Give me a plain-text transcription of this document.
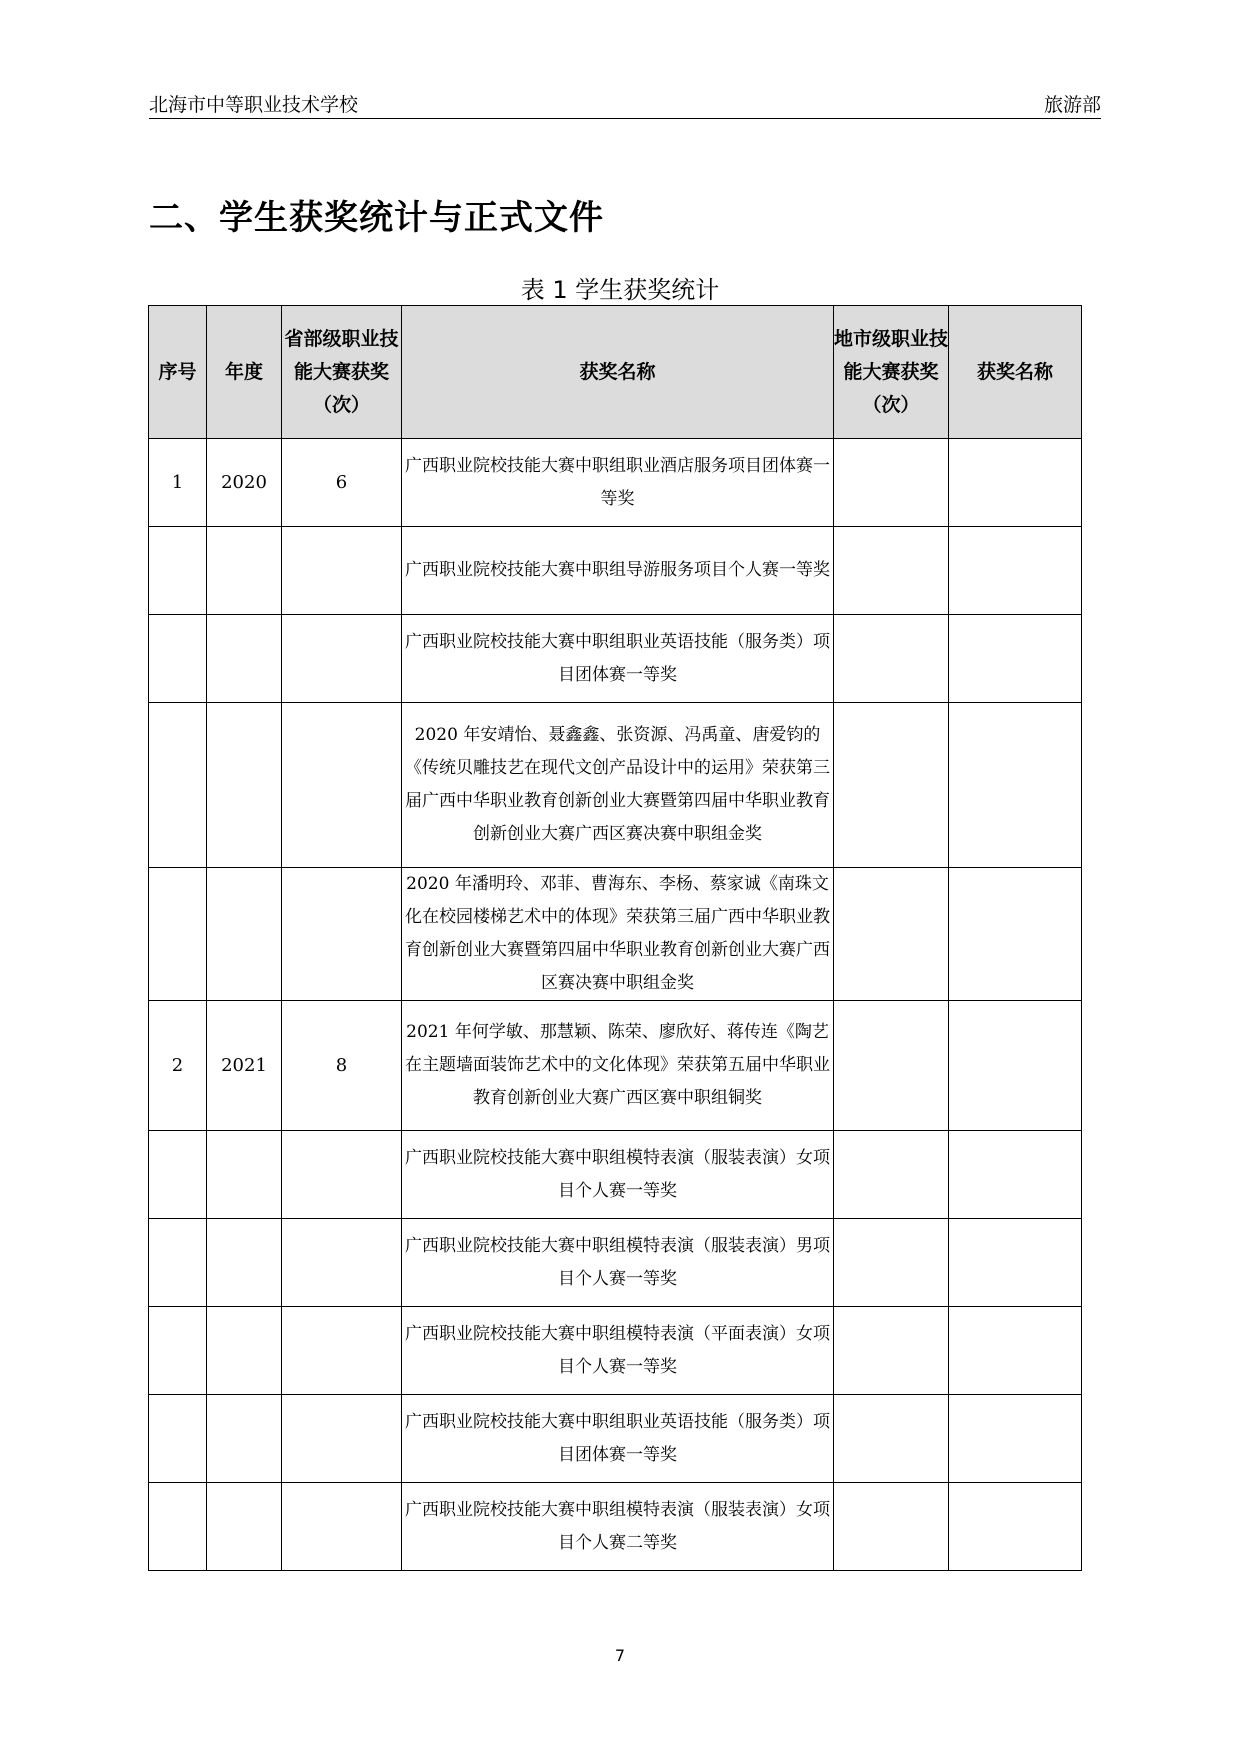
北海市中等职业技术学校	旅游部
二、学生获奖统计与正式文件
表 1 学生获奖统计
序号	年度	省部级职业技能大赛获奖（次）	获奖名称	地市级职业技能大赛获奖（次）	获奖名称
1	2020	6	广西职业院校技能大赛中职组职业酒店服务项目团体赛一等奖		
			广西职业院校技能大赛中职组导游服务项目个人赛一等奖		
			广西职业院校技能大赛中职组职业英语技能（服务类）项目团体赛一等奖		
			2020 年安靖怡、聂鑫鑫、张资源、冯禹童、唐爱钧的《传统贝雕技艺在现代文创产品设计中的运用》荣获第三届广西中华职业教育创新创业大赛暨第四届中华职业教育创新创业大赛广西区赛决赛中职组金奖		
			2020 年潘明玲、邓菲、曹海东、李杨、蔡家诚《南珠文化在校园楼梯艺术中的体现》荣获第三届广西中华职业教育创新创业大赛暨第四届中华职业教育创新创业大赛广西区赛决赛中职组金奖		
2	2021	8	2021 年何学敏、那慧颖、陈荣、廖欣好、蒋传连《陶艺在主题墙面装饰艺术中的文化体现》荣获第五届中华职业教育创新创业大赛广西区赛中职组铜奖		
			广西职业院校技能大赛中职组模特表演（服装表演）女项目个人赛一等奖		
			广西职业院校技能大赛中职组模特表演（服装表演）男项目个人赛一等奖		
			广西职业院校技能大赛中职组模特表演（平面表演）女项目个人赛一等奖		
			广西职业院校技能大赛中职组职业英语技能（服务类）项目团体赛一等奖		
			广西职业院校技能大赛中职组模特表演（服装表演）女项目个人赛二等奖		
7
